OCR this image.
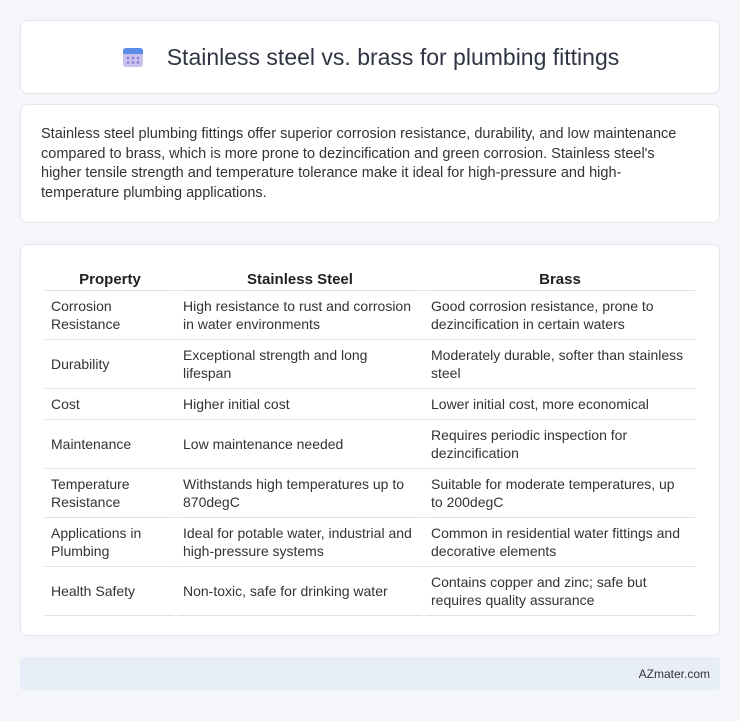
Stainless steel vs. brass for plumbing fittings

Stainless steel plumbing fittings offer superior corrosion resistance, durability, and low maintenance compared to brass, which is more prone to dezincification and green corrosion. Stainless steel's higher tensile strength and temperature tolerance make it ideal for high-pressure and high-temperature plumbing applications.

Property	Stainless Steel	Brass
Corrosion Resistance	High resistance to rust and corrosion in water environments	Good corrosion resistance, prone to dezincification in certain waters
Durability	Exceptional strength and long lifespan	Moderately durable, softer than stainless steel
Cost	Higher initial cost	Lower initial cost, more economical
Maintenance	Low maintenance needed	Requires periodic inspection for dezincification
Temperature Resistance	Withstands high temperatures up to 870degC	Suitable for moderate temperatures, up to 200degC
Applications in Plumbing	Ideal for potable water, industrial and high-pressure systems	Common in residential water fittings and decorative elements
Health Safety	Non-toxic, safe for drinking water	Contains copper and zinc; safe but requires quality assurance
AZmater.com
